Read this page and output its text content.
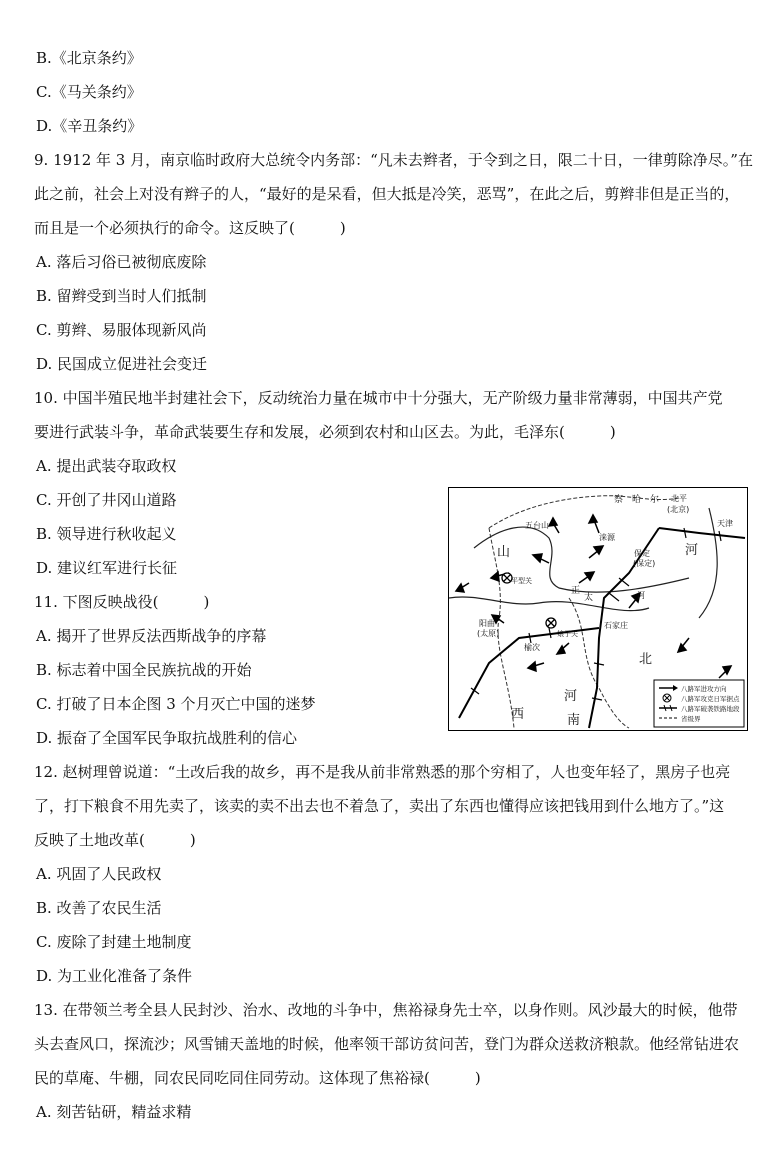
B.《北京条约》
C.《马关条约》
D.《辛丑条约》
9. 1912 年 3 月，南京临时政府大总统令内务部：“凡未去辫者，于令到之日，限二十日，一律剪除净尽。”在
此之前，社会上对没有辫子的人，“最好的是呆看，但大抵是冷笑，恶骂”，在此之后，剪辫非但是正当的，
而且是一个必须执行的命令。这反映了(　　　)
A. 落后习俗已被彻底废除
B. 留辫受到当时人们抵制
C. 剪辫、易服体现新风尚
D. 民国成立促进社会变迁
10. 中国半殖民地半封建社会下，反动统治力量在城市中十分强大，无产阶级力量非常薄弱，中国共产党
要进行武装斗争，革命武装要生存和发展，必须到农村和山区去。为此，毛泽东(　　　)
A. 提出武装夺取政权
C. 开创了井冈山道路
B. 领导进行秋收起义
D. 建议红军进行长征
11. 下图反映战役(　　　)
A. 揭开了世界反法西斯战争的序幕
B. 标志着中国全民族抗战的开始
C. 打破了日本企图 3 个月灭亡中国的迷梦
D. 振奋了全国军民争取抗战胜利的信心
察　哈　尔 北平
(北京)
天津
五台山
涞源
保定
(保定)
山	河
西
北
河
南
平型关
阳曲
(太原)
榆次
娘子关
石家庄
正
太	河
八路军进攻方向
八路军攻克日军据点
八路军破袭铁路地段
省级界
12. 赵树理曾说道：“土改后我的故乡，再不是我从前非常熟悉的那个穷相了，人也变年轻了，黑房子也亮
了，打下粮食不用先卖了，该卖的卖不出去也不着急了，卖出了东西也懂得应该把钱用到什么地方了。”这
反映了土地改革(　　　)
A. 巩固了人民政权
B. 改善了农民生活
C. 废除了封建土地制度
D. 为工业化准备了条件
13. 在带领兰考全县人民封沙、治水、改地的斗争中，焦裕禄身先士卒，以身作则。风沙最大的时候，他带
头去查风口，探流沙；风雪铺天盖地的时候，他率领干部访贫问苦，登门为群众送救济粮款。他经常钻进农
民的草庵、牛棚，同农民同吃同住同劳动。这体现了焦裕禄(　　　)
A. 刻苦钻研，精益求精
